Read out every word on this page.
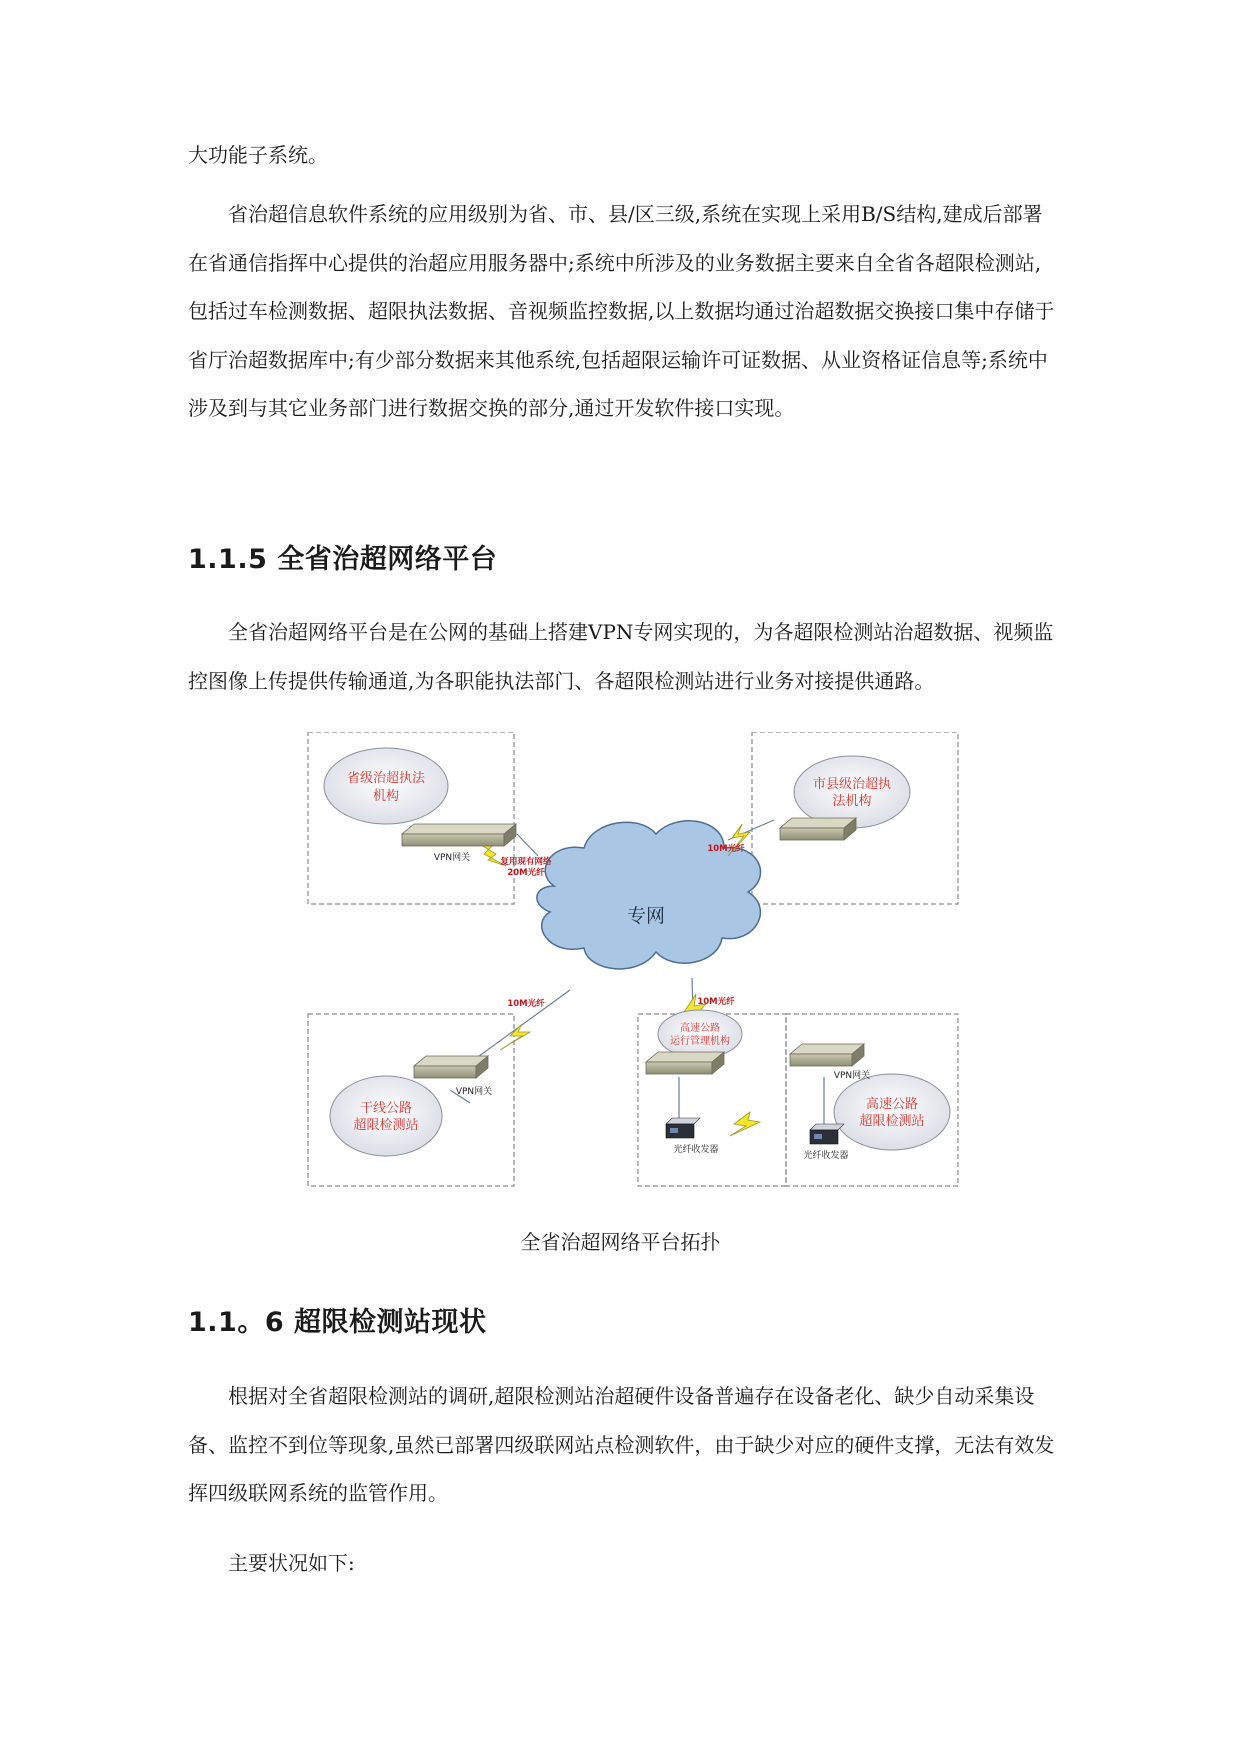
大功能子系统。

省治超信息软件系统的应用级别为省、市、县/区三级,系统在实现上采用B/S结构,建成后部署在省通信指挥中心提供的治超应用服务器中;系统中所涉及的业务数据主要来自全省各超限检测站,包括过车检测数据、超限执法数据、音视频监控数据,以上数据均通过治超数据交换接口集中存储于省厅治超数据库中;有少部分数据来其他系统,包括超限运输许可证数据、从业资格证信息等;系统中涉及到与其它业务部门进行数据交换的部分,通过开发软件接口实现。

1.1.5 全省治超网络平台

全省治超网络平台是在公网的基础上搭建VPN专网实现的，为各超限检测站治超数据、视频监控图像上传提供传输通道,为各职能执法部门、各超限检测站进行业务对接提供通路。

专网
省级治超执法
机构
市县级治超执
法机构
干线公路
超限检测站
高速公路
运行管理机构
高速公路
超限检测站
VPN网关
VPN网关
VPN网关
光纤收发器
光纤收发器
复用现有网络
20M光纤
10M光纤
10M光纤	10M光纤

全省治超网络平台拓扑

1.1。6 超限检测站现状

根据对全省超限检测站的调研,超限检测站治超硬件设备普遍存在设备老化、缺少自动采集设备、监控不到位等现象,虽然已部署四级联网站点检测软件，由于缺少对应的硬件支撑，无法有效发挥四级联网系统的监管作用。

主要状况如下:
